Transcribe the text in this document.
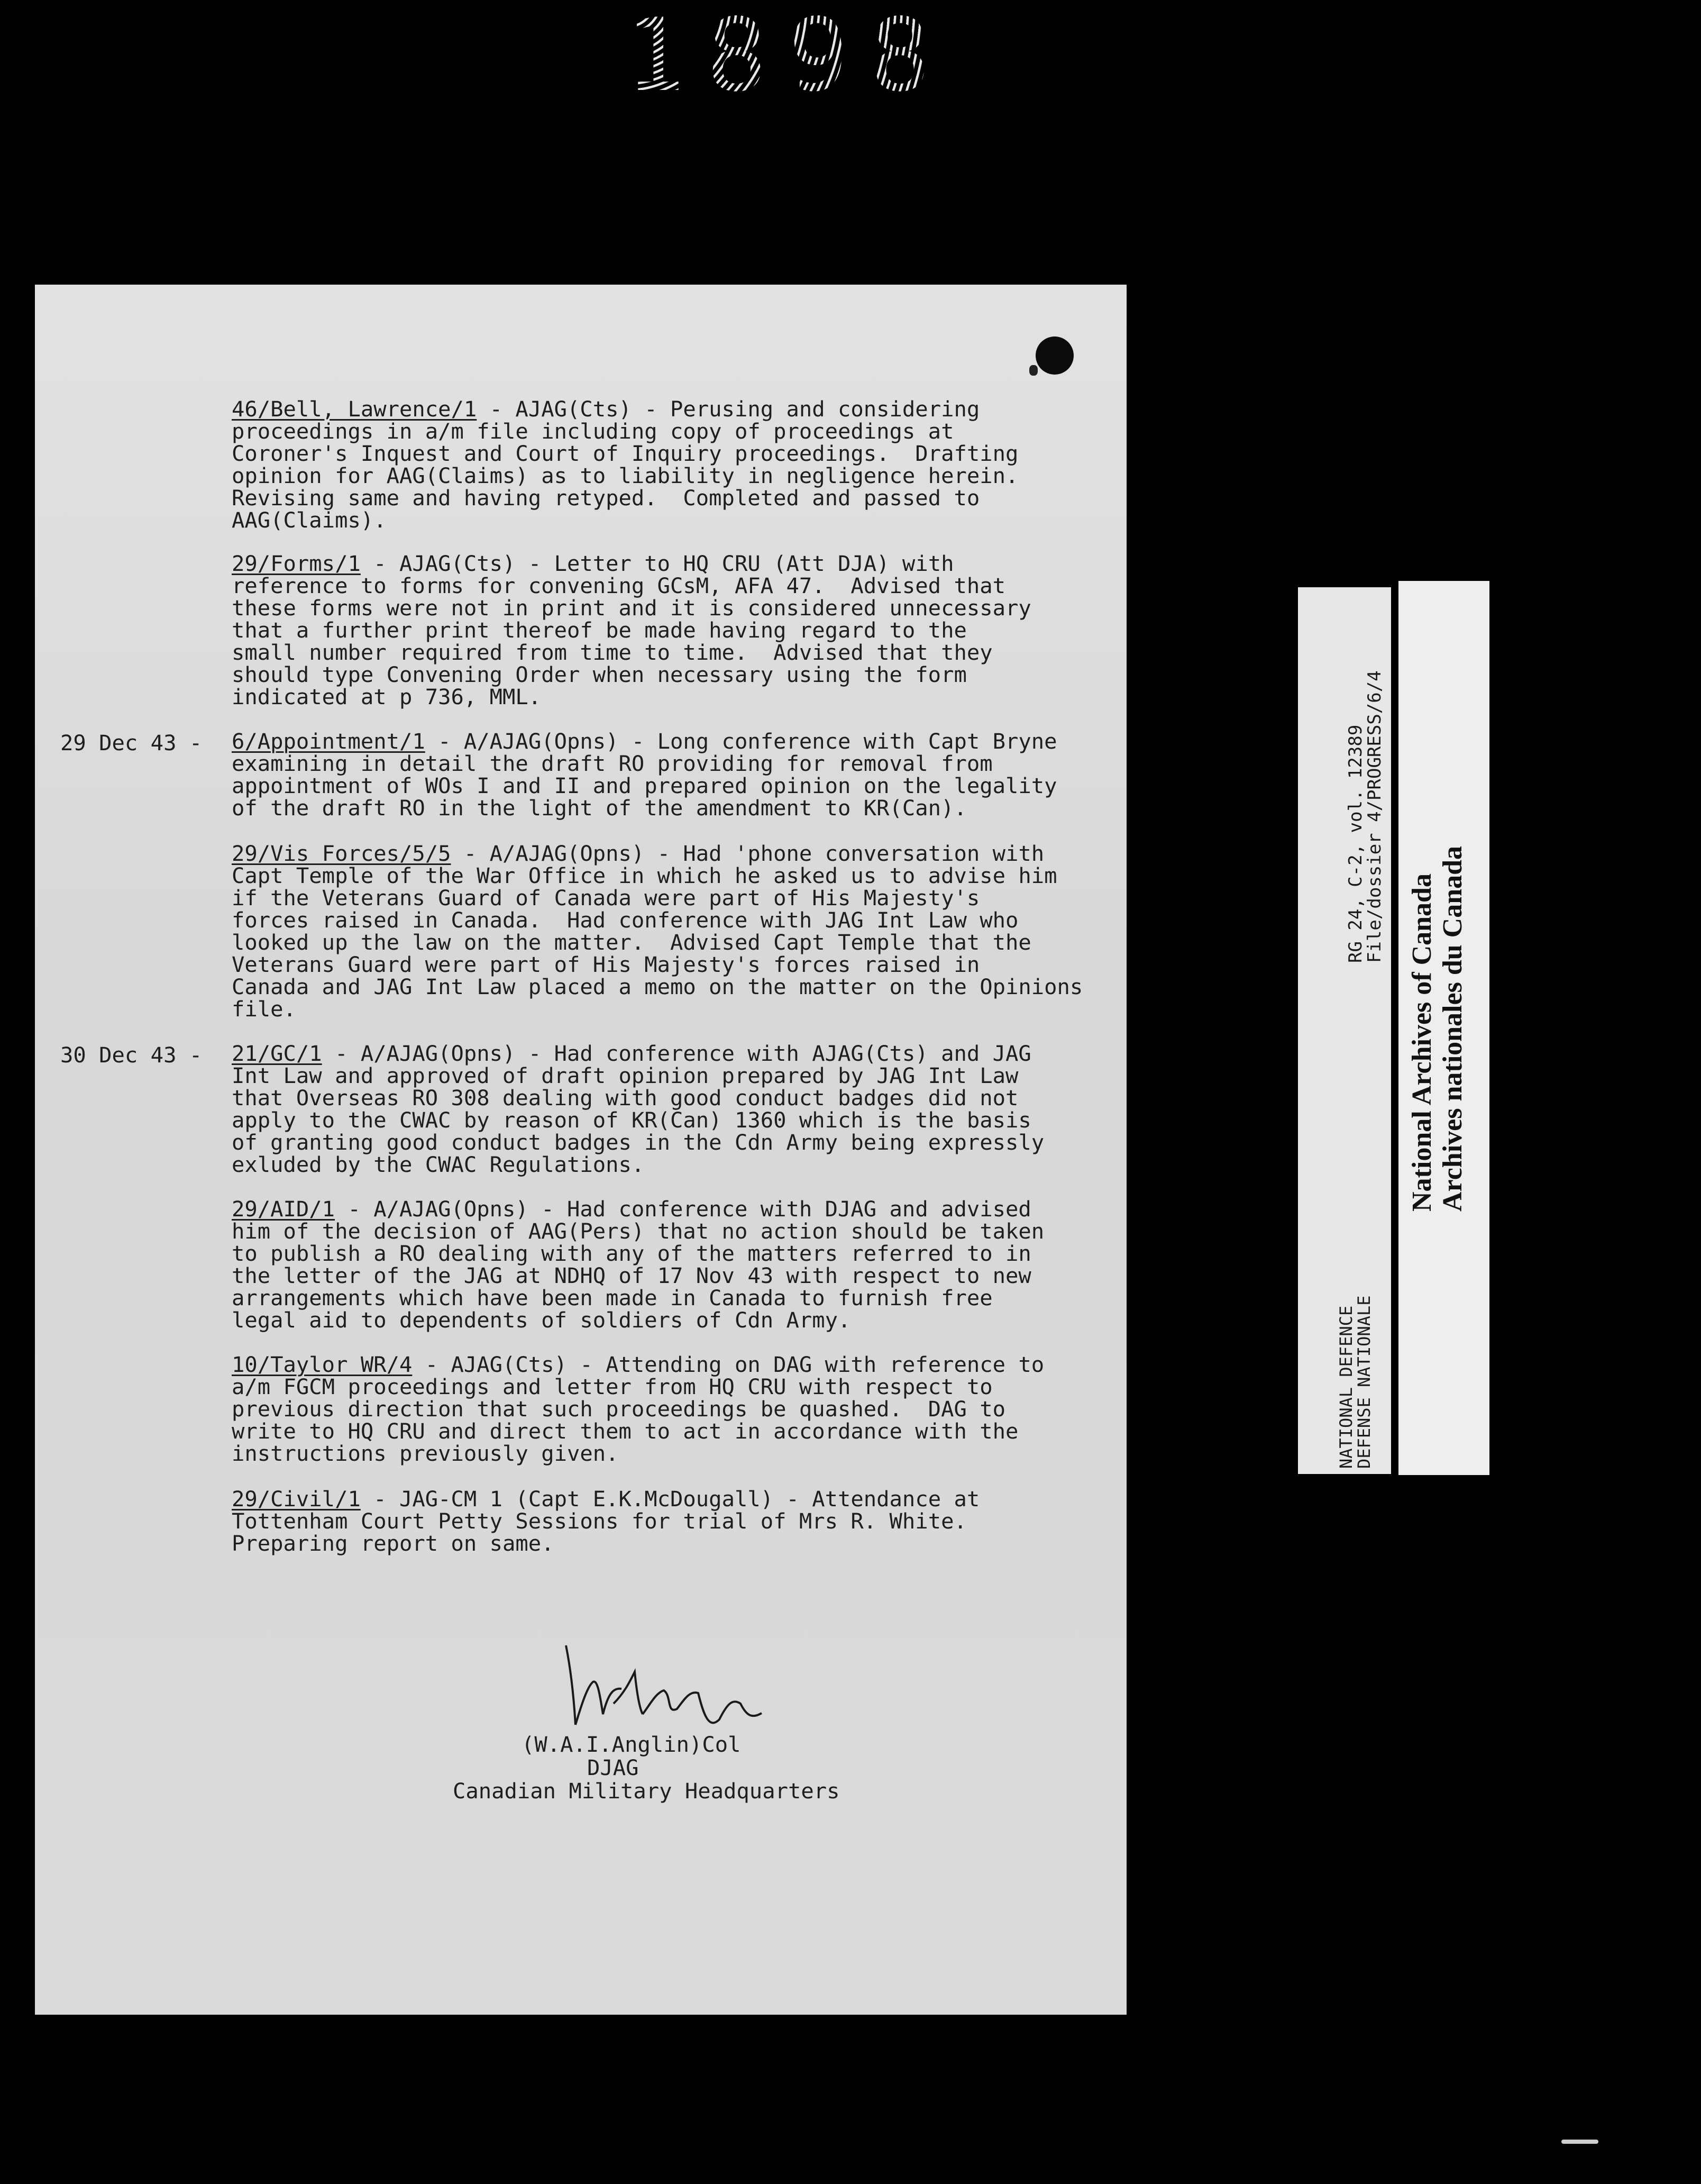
1898
46/Bell, Lawrence/1 - AJAG(Cts) - Perusing and considering
proceedings in a/m file including copy of proceedings at
Coroner's Inquest and Court of Inquiry proceedings.  Drafting
opinion for AAG(Claims) as to liability in negligence herein.
Revising same and having retyped.  Completed and passed to
AAG(Claims).
29/Forms/1 - AJAG(Cts) - Letter to HQ CRU (Att DJA) with
reference to forms for convening GCsM, AFA 47.  Advised that
these forms were not in print and it is considered unnecessary
that a further print thereof be made having regard to the
small number required from time to time.  Advised that they
should type Convening Order when necessary using the form
indicated at p 736, MML.
29 Dec 43 - 6/Appointment/1 - A/AJAG(Opns) - Long conference with Capt Bryne
examining in detail the draft RO providing for removal from
appointment of WOs I and II and prepared opinion on the legality
of the draft RO in the light of the amendment to KR(Can).
29/Vis Forces/5/5 - A/AJAG(Opns) - Had 'phone conversation with
Capt Temple of the War Office in which he asked us to advise him
if the Veterans Guard of Canada were part of His Majesty's
forces raised in Canada.  Had conference with JAG Int Law who
looked up the law on the matter.  Advised Capt Temple that the
Veterans Guard were part of His Majesty's forces raised in
Canada and JAG Int Law placed a memo on the matter on the Opinions
file.
30 Dec 43 - 21/GC/1 - A/AJAG(Opns) - Had conference with AJAG(Cts) and JAG
Int Law and approved of draft opinion prepared by JAG Int Law
that Overseas RO 308 dealing with good conduct badges did not
apply to the CWAC by reason of KR(Can) 1360 which is the basis
of granting good conduct badges in the Cdn Army being expressly
exluded by the CWAC Regulations.
29/AID/1 - A/AJAG(Opns) - Had conference with DJAG and advised
him of the decision of AAG(Pers) that no action should be taken
to publish a RO dealing with any of the matters referred to in
the letter of the JAG at NDHQ of 17 Nov 43 with respect to new
arrangements which have been made in Canada to furnish free
legal aid to dependents of soldiers of Cdn Army.
10/Taylor WR/4 - AJAG(Cts) - Attending on DAG with reference to
a/m FGCM proceedings and letter from HQ CRU with respect to
previous direction that such proceedings be quashed.  DAG to
write to HQ CRU and direct them to act in accordance with the
instructions previously given.
29/Civil/1 - JAG-CM 1 (Capt E.K.McDougall) - Attendance at
Tottenham Court Petty Sessions for trial of Mrs R. White.
Preparing report on same.
(W.A.I.Anglin)Col
DJAG
Canadian Military Headquarters
RG 24, C-2, vol. 12389
File/dossier 4/PROGRESS/6/4
NATIONAL DEFENCE
DEFENSE NATIONALE
National Archives of Canada Archives nationales du Canada
